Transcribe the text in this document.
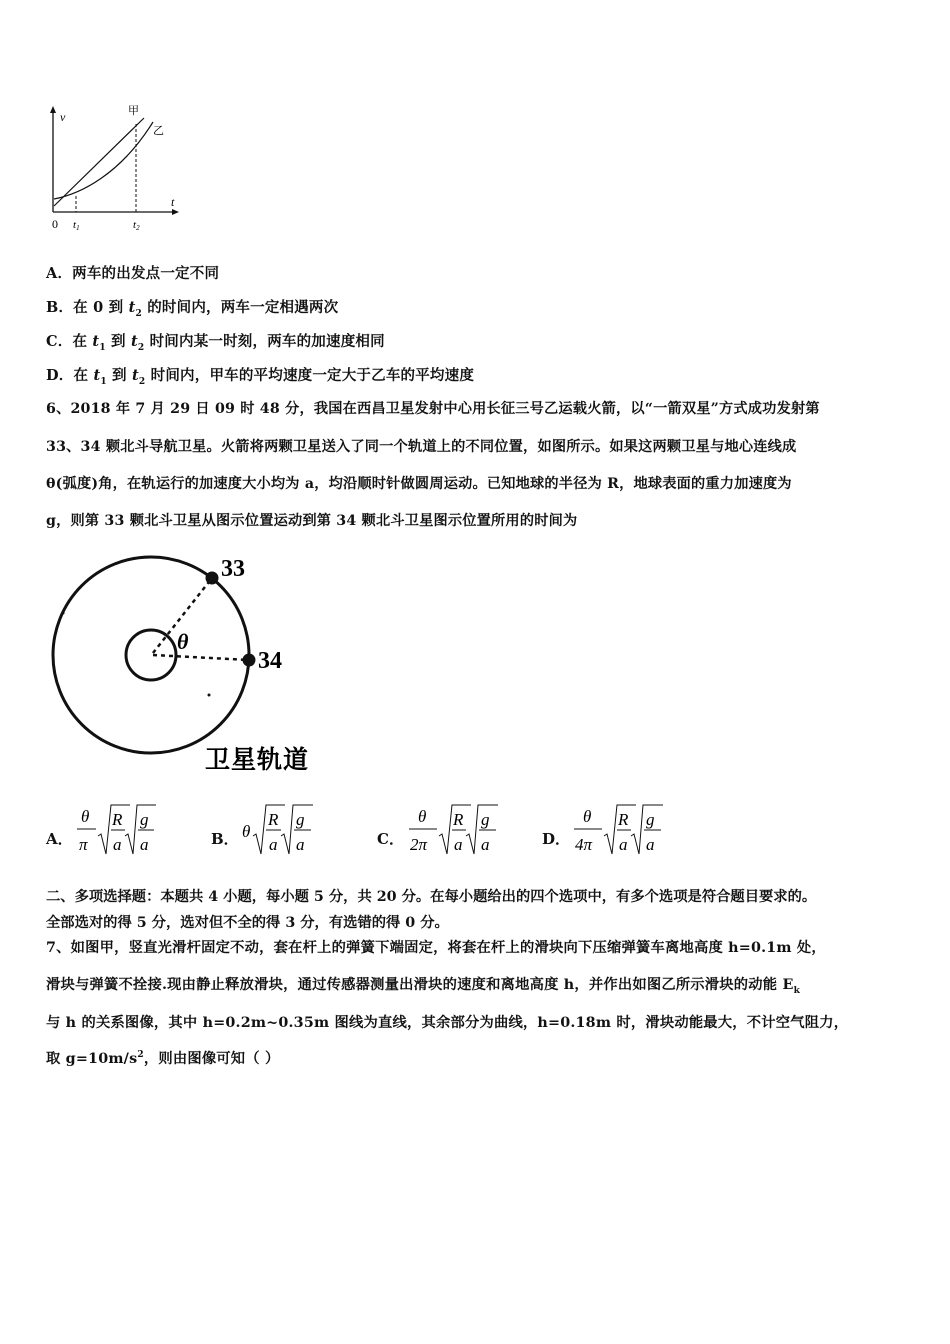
v
t
0 t1	t2
甲
乙
A．两车的出发点一定不同
B．在 0 到 $t_2$ 的时间内，两车一定相遇两次
C．在 $t_1$ 到 $t_2$ 时间内某一时刻，两车的加速度相同
D．在 $t_1$ 到 $t_2$ 时间内，甲车的平均速度一定大于乙车的平均速度
6、2018 年 7 月 29 日 09 时 48 分，我国在西昌卫星发射中心用长征三号乙运载火箭，以“一箭双星”方式成功发射第
33、34 颗北斗导航卫星。火箭将两颗卫星送入了同一个轨道上的不同位置，如图所示。如果这两颗卫星与地心连线成
θ(弧度)角，在轨运行的加速度大小均为 a，均沿顺时针做圆周运动。已知地球的半径为 R，地球表面的重力加速度为
g，则第 33 颗北斗卫星从图示位置运动到第 34 颗北斗卫星图示位置所用的时间为
33
34
θ
卫星轨道
A．	B．	C．	D．
θ
π
R
a
g
a
θ
R
a
g
a
θ
2π
R
a
g
a
θ
4π
R
a
g
a
二、多项选择题：本题共 4 小题，每小题 5 分，共 20 分。在每小题给出的四个选项中，有多个选项是符合题目要求的。
全部选对的得 5 分，选对但不全的得 3 分，有选错的得 0 分。
7、如图甲，竖直光滑杆固定不动，套在杆上的弹簧下端固定，将套在杆上的滑块向下压缩弹簧车离地高度 h=0.1m 处，
滑块与弹簧不拴接.现由静止释放滑块，通过传感器测量出滑块的速度和离地高度 h，并作出如图乙所示滑块的动能 $E_k$
与 h 的关系图像，其中 h=0.2m~0.35m 图线为直线，其余部分为曲线，h=0.18m 时，滑块动能最大，不计空气阻力，
取 $g=10m/s^2$，则由图像可知（ ）
